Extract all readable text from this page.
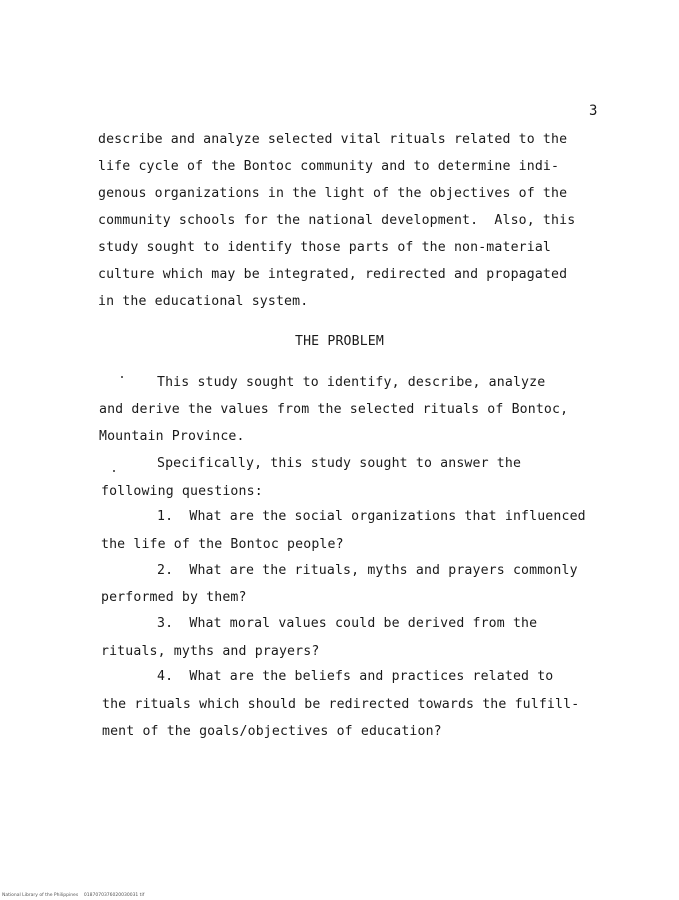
3
describe and analyze selected vital rituals related to the
life cycle of the Bontoc community and to determine indi-
genous organizations in the light of the objectives of the
community schools for the national development.  Also, this
study sought to identify those parts of the non-material
culture which may be integrated, redirected and propagated
in the educational system.
THE PROBLEM
This study sought to identify, describe, analyze
and derive the values from the selected rituals of Bontoc,
Mountain Province.
Specifically, this study sought to answer the
following questions:
1.  What are the social organizations that influenced
the life of the Bontoc people?
2.  What are the rituals, myths and prayers commonly
performed by them?
3.  What moral values could be derived from the
rituals, myths and prayers?
4.  What are the beliefs and practices related to
the rituals which should be redirected towards the fulfill-
ment of the goals/objectives of education?
National Library of the Philippines    0187070376020030031 tif
